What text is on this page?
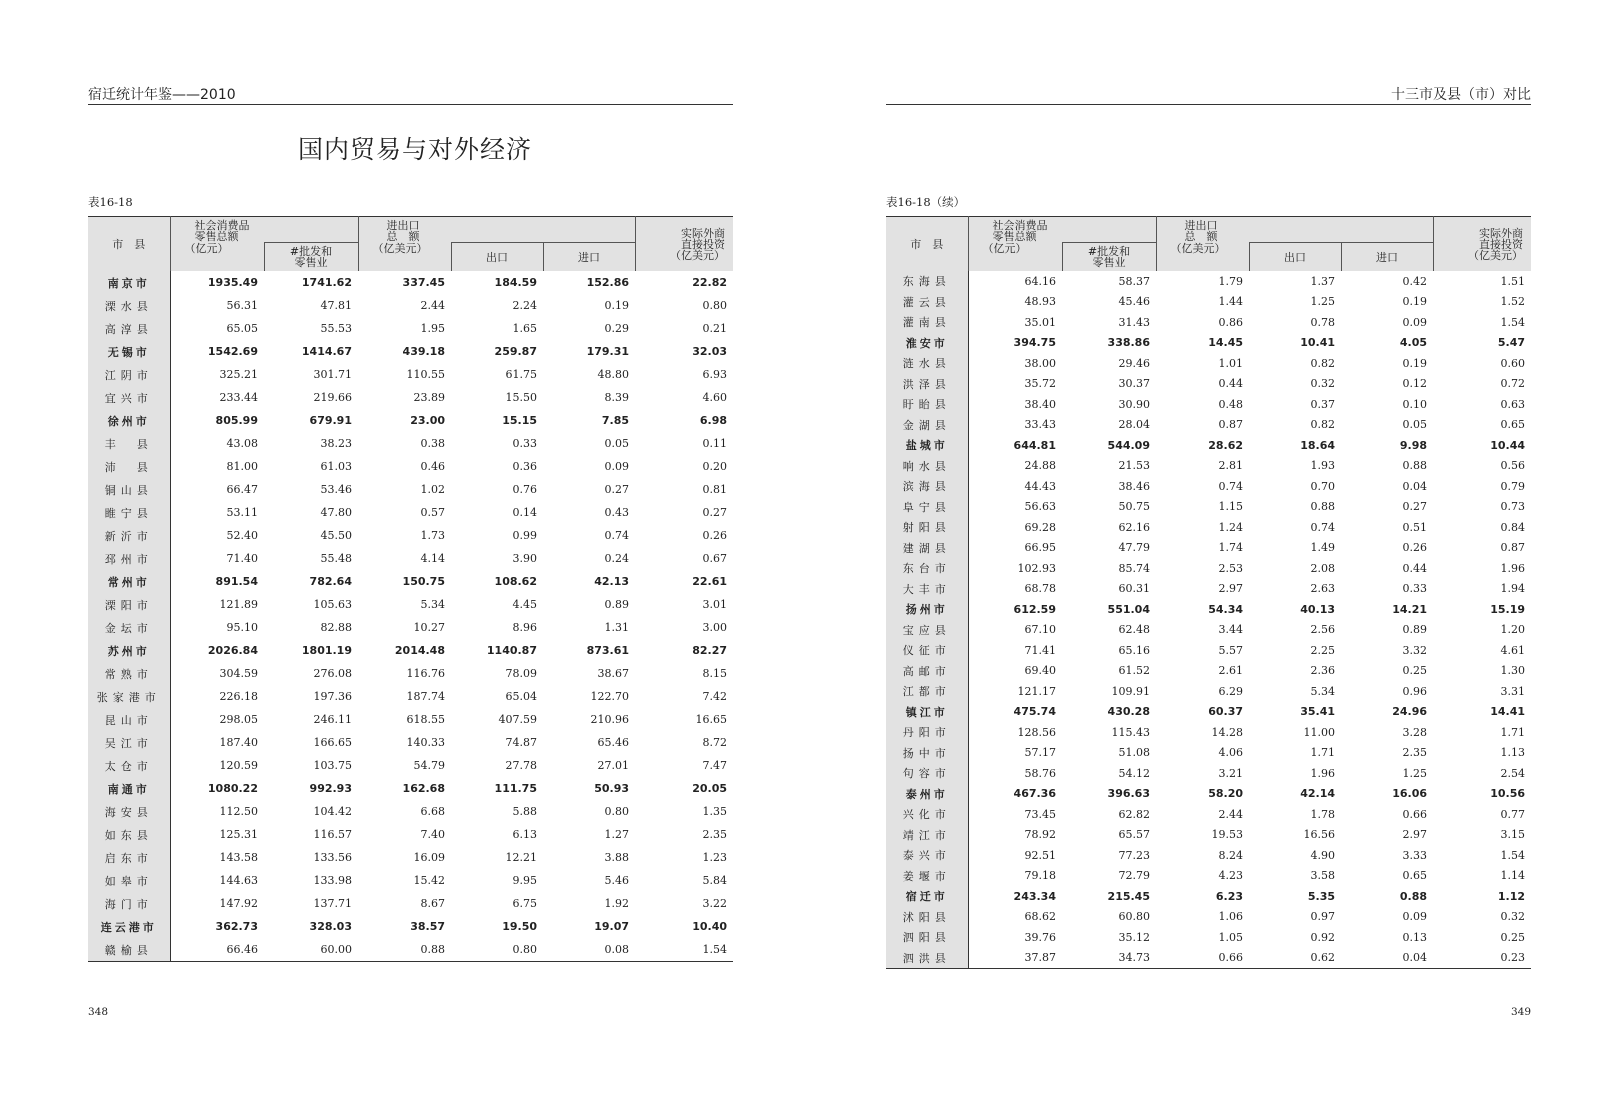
宿迁统计年鉴——2010
国内贸易与对外经济
表16-18
市　县	社会消费品
零售总额		进出口
总　额			实际外商
直接投资
（亿美元）

	（亿元）	#批发和
零售业	（亿美元）	出口	进口	
南京市	1935.49	1741.62	337.45	184.59	152.86	22.82
溧水县	56.31	47.81	2.44	2.24	0.19	0.80
高淳县	65.05	55.53	1.95	1.65	0.29	0.21
无锡市	1542.69	1414.67	439.18	259.87	179.31	32.03
江阴市	325.21	301.71	110.55	61.75	48.80	6.93
宜兴市	233.44	219.66	23.89	15.50	8.39	4.60
徐州市	805.99	679.91	23.00	15.15	7.85	6.98
丰　县	43.08	38.23	0.38	0.33	0.05	0.11
沛　县	81.00	61.03	0.46	0.36	0.09	0.20
铜山县	66.47	53.46	1.02	0.76	0.27	0.81
睢宁县	53.11	47.80	0.57	0.14	0.43	0.27
新沂市	52.40	45.50	1.73	0.99	0.74	0.26
邳州市	71.40	55.48	4.14	3.90	0.24	0.67
常州市	891.54	782.64	150.75	108.62	42.13	22.61
溧阳市	121.89	105.63	5.34	4.45	0.89	3.01
金坛市	95.10	82.88	10.27	8.96	1.31	3.00
苏州市	2026.84	1801.19	2014.48	1140.87	873.61	82.27
常熟市	304.59	276.08	116.76	78.09	38.67	8.15
张家港市	226.18	197.36	187.74	65.04	122.70	7.42
昆山市	298.05	246.11	618.55	407.59	210.96	16.65
吴江市	187.40	166.65	140.33	74.87	65.46	8.72
太仓市	120.59	103.75	54.79	27.78	27.01	7.47
南通市	1080.22	992.93	162.68	111.75	50.93	20.05
海安县	112.50	104.42	6.68	5.88	0.80	1.35
如东县	125.31	116.57	7.40	6.13	1.27	2.35
启东市	143.58	133.56	16.09	12.21	3.88	1.23
如皋市	144.63	133.98	15.42	9.95	5.46	5.84
海门市	147.92	137.71	8.67	6.75	1.92	3.22
连云港市	362.73	328.03	38.57	19.50	19.07	10.40
赣榆县	66.46	60.00	0.88	0.80	0.08	1.54
348
十三市及县（市）对比
表16-18（续）
市　县	社会消费品
零售总额		进出口
总　额			实际外商
直接投资
（亿美元）

	（亿元）	#批发和
零售业	（亿美元）	出口	进口	
东海县	64.16	58.37	1.79	1.37	0.42	1.51
灌云县	48.93	45.46	1.44	1.25	0.19	1.52
灌南县	35.01	31.43	0.86	0.78	0.09	1.54
淮安市	394.75	338.86	14.45	10.41	4.05	5.47
涟水县	38.00	29.46	1.01	0.82	0.19	0.60
洪泽县	35.72	30.37	0.44	0.32	0.12	0.72
盱眙县	38.40	30.90	0.48	0.37	0.10	0.63
金湖县	33.43	28.04	0.87	0.82	0.05	0.65
盐城市	644.81	544.09	28.62	18.64	9.98	10.44
响水县	24.88	21.53	2.81	1.93	0.88	0.56
滨海县	44.43	38.46	0.74	0.70	0.04	0.79
阜宁县	56.63	50.75	1.15	0.88	0.27	0.73
射阳县	69.28	62.16	1.24	0.74	0.51	0.84
建湖县	66.95	47.79	1.74	1.49	0.26	0.87
东台市	102.93	85.74	2.53	2.08	0.44	1.96
大丰市	68.78	60.31	2.97	2.63	0.33	1.94
扬州市	612.59	551.04	54.34	40.13	14.21	15.19
宝应县	67.10	62.48	3.44	2.56	0.89	1.20
仪征市	71.41	65.16	5.57	2.25	3.32	4.61
高邮市	69.40	61.52	2.61	2.36	0.25	1.30
江都市	121.17	109.91	6.29	5.34	0.96	3.31
镇江市	475.74	430.28	60.37	35.41	24.96	14.41
丹阳市	128.56	115.43	14.28	11.00	3.28	1.71
扬中市	57.17	51.08	4.06	1.71	2.35	1.13
句容市	58.76	54.12	3.21	1.96	1.25	2.54
泰州市	467.36	396.63	58.20	42.14	16.06	10.56
兴化市	73.45	62.82	2.44	1.78	0.66	0.77
靖江市	78.92	65.57	19.53	16.56	2.97	3.15
泰兴市	92.51	77.23	8.24	4.90	3.33	1.54
姜堰市	79.18	72.79	4.23	3.58	0.65	1.14
宿迁市	243.34	215.45	6.23	5.35	0.88	1.12
沭阳县	68.62	60.80	1.06	0.97	0.09	0.32
泗阳县	39.76	35.12	1.05	0.92	0.13	0.25
泗洪县	37.87	34.73	0.66	0.62	0.04	0.23
349
